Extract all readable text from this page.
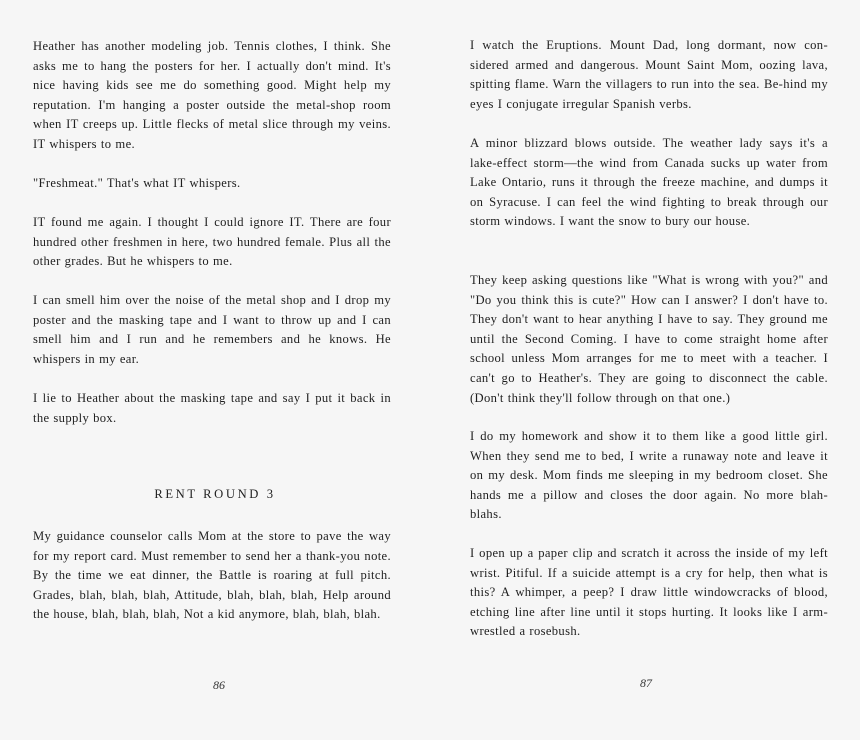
Heather has another modeling job. Tennis clothes, I think. She asks me to hang the posters for her. I actually don't mind. It's nice having kids see me do something good. Might help my reputation. I'm hanging a poster outside the metal-shop room when IT creeps up. Little flecks of metal slice through my veins. IT whispers to me.

"Freshmeat." That's what IT whispers.

IT found me again. I thought I could ignore IT. There are four hundred other freshmen in here, two hundred female. Plus all the other grades. But he whispers to me.

I can smell him over the noise of the metal shop and I drop my poster and the masking tape and I want to throw up and I can smell him and I run and he remembers and he knows. He whispers in my ear.

I lie to Heather about the masking tape and say I put it back in the supply box.

RENT ROUND 3

My guidance counselor calls Mom at the store to pave the way for my report card. Must remember to send her a thank-you note. By the time we eat dinner, the Battle is roaring at full pitch. Grades, blah, blah, blah, Attitude, blah, blah, blah, Help around the house, blah, blah, blah, Not a kid anymore, blah, blah, blah.

86

I watch the Eruptions. Mount Dad, long dormant, now con-sidered armed and dangerous. Mount Saint Mom, oozing lava, spitting flame. Warn the villagers to run into the sea. Be-hind my eyes I conjugate irregular Spanish verbs.

A minor blizzard blows outside. The weather lady says it's a lake-effect storm—the wind from Canada sucks up water from Lake Ontario, runs it through the freeze machine, and dumps it on Syracuse. I can feel the wind fighting to break through our storm windows. I want the snow to bury our house.

They keep asking questions like "What is wrong with you?" and "Do you think this is cute?" How can I answer? I don't have to. They don't want to hear anything I have to say. They ground me until the Second Coming. I have to come straight home after school unless Mom arranges for me to meet with a teacher. I can't go to Heather's. They are going to disconnect the cable. (Don't think they'll follow through on that one.)

I do my homework and show it to them like a good little girl. When they send me to bed, I write a runaway note and leave it on my desk. Mom finds me sleeping in my bedroom closet. She hands me a pillow and closes the door again. No more blah-blahs.

I open up a paper clip and scratch it across the inside of my left wrist. Pitiful. If a suicide attempt is a cry for help, then what is this? A whimper, a peep? I draw little windowcracks of blood, etching line after line until it stops hurting. It looks like I arm-wrestled a rosebush.

87
